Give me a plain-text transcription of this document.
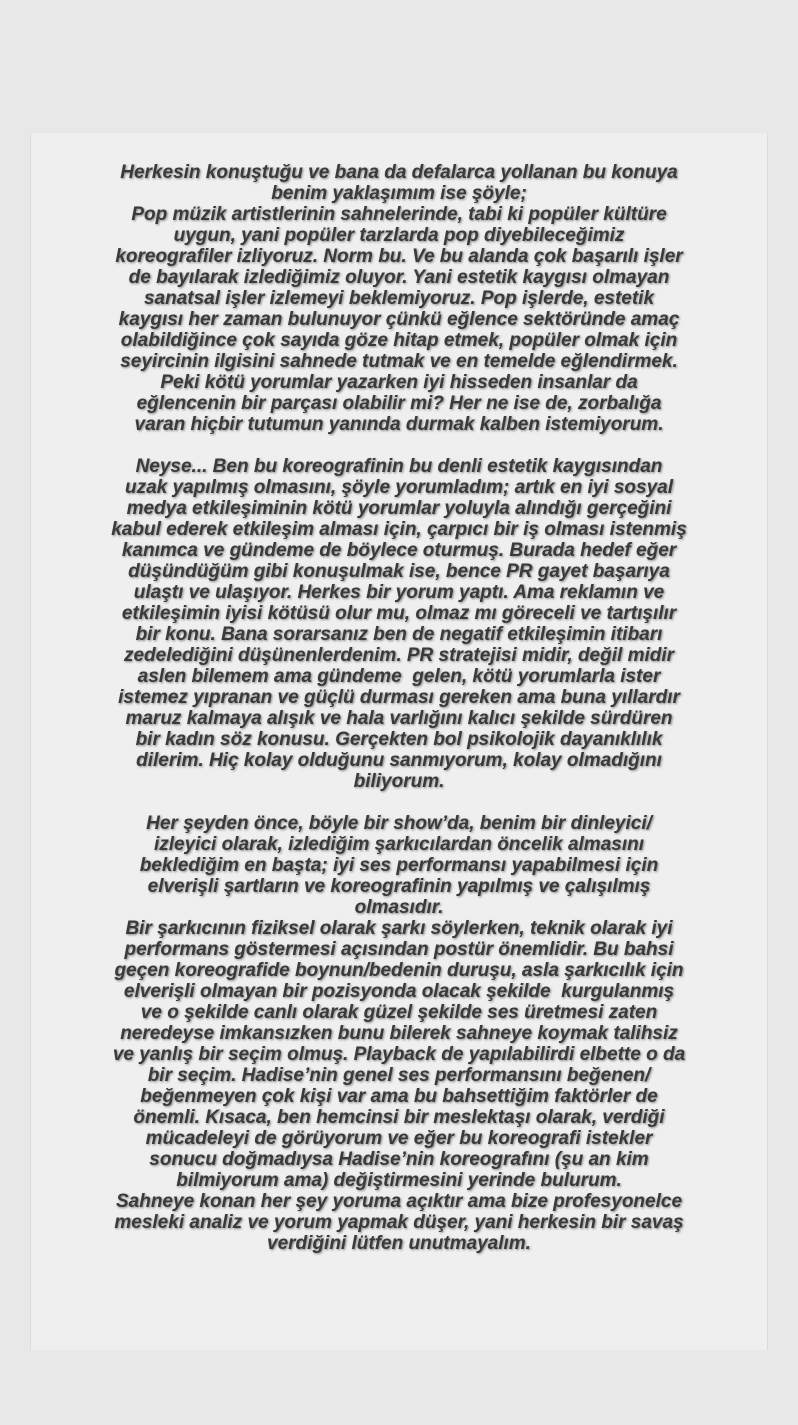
Herkesin konuştuğu ve bana da defalarca yollanan bu konuya
benim yaklaşımım ise şöyle;
Pop müzik artistlerinin sahnelerinde, tabi ki popüler kültüre
uygun, yani popüler tarzlarda pop diyebileceğimiz
koreografiler izliyoruz. Norm bu. Ve bu alanda çok başarılı işler
de bayılarak izlediğimiz oluyor. Yani estetik kaygısı olmayan
sanatsal işler izlemeyi beklemiyoruz. Pop işlerde, estetik
kaygısı her zaman bulunuyor çünkü eğlence sektöründe amaç
olabildiğince çok sayıda göze hitap etmek, popüler olmak için
seyircinin ilgisini sahnede tutmak ve en temelde eğlendirmek.
Peki kötü yorumlar yazarken iyi hisseden insanlar da
eğlencenin bir parçası olabilir mi? Her ne ise de, zorbalığa
varan hiçbir tutumun yanında durmak kalben istemiyorum.

Neyse... Ben bu koreografinin bu denli estetik kaygısından
uzak yapılmış olmasını, şöyle yorumladım; artık en iyi sosyal
medya etkileşiminin kötü yorumlar yoluyla alındığı gerçeğini
kabul ederek etkileşim alması için, çarpıcı bir iş olması istenmiş
kanımca ve gündeme de böylece oturmuş. Burada hedef eğer
düşündüğüm gibi konuşulmak ise, bence PR gayet başarıya
ulaştı ve ulaşıyor. Herkes bir yorum yaptı. Ama reklamın ve
etkileşimin iyisi kötüsü olur mu, olmaz mı göreceli ve tartışılır
bir konu. Bana sorarsanız ben de negatif etkileşimin itibarı
zedelediğini düşünenlerdenim. PR stratejisi midir, değil midir
aslen bilemem ama gündeme  gelen, kötü yorumlarla ister
istemez yıpranan ve güçlü durması gereken ama buna yıllardır
maruz kalmaya alışık ve hala varlığını kalıcı şekilde sürdüren
bir kadın söz konusu. Gerçekten bol psikolojik dayanıklılık
dilerim. Hiç kolay olduğunu sanmıyorum, kolay olmadığını
biliyorum.

Her şeyden önce, böyle bir show’da, benim bir dinleyici/
izleyici olarak, izlediğim şarkıcılardan öncelik almasını
beklediğim en başta; iyi ses performansı yapabilmesi için
elverişli şartların ve koreografinin yapılmış ve çalışılmış
olmasıdır.
Bir şarkıcının fiziksel olarak şarkı söylerken, teknik olarak iyi
performans göstermesi açısından postür önemlidir. Bu bahsi
geçen koreografide boynun/bedenin duruşu, asla şarkıcılık için
elverişli olmayan bir pozisyonda olacak şekilde  kurgulanmış
ve o şekilde canlı olarak güzel şekilde ses üretmesi zaten
neredeyse imkansızken bunu bilerek sahneye koymak talihsiz
ve yanlış bir seçim olmuş. Playback de yapılabilirdi elbette o da
bir seçim. Hadise’nin genel ses performansını beğenen/
beğenmeyen çok kişi var ama bu bahsettiğim faktörler de
önemli. Kısaca, ben hemcinsi bir meslektaşı olarak, verdiği
mücadeleyi de görüyorum ve eğer bu koreografi istekler
sonucu doğmadıysa Hadise’nin koreografını (şu an kim
bilmiyorum ama) değiştirmesini yerinde bulurum.
Sahneye konan her şey yoruma açıktır ama bize profesyonelce
mesleki analiz ve yorum yapmak düşer, yani herkesin bir savaş
verdiğini lütfen unutmayalım.
